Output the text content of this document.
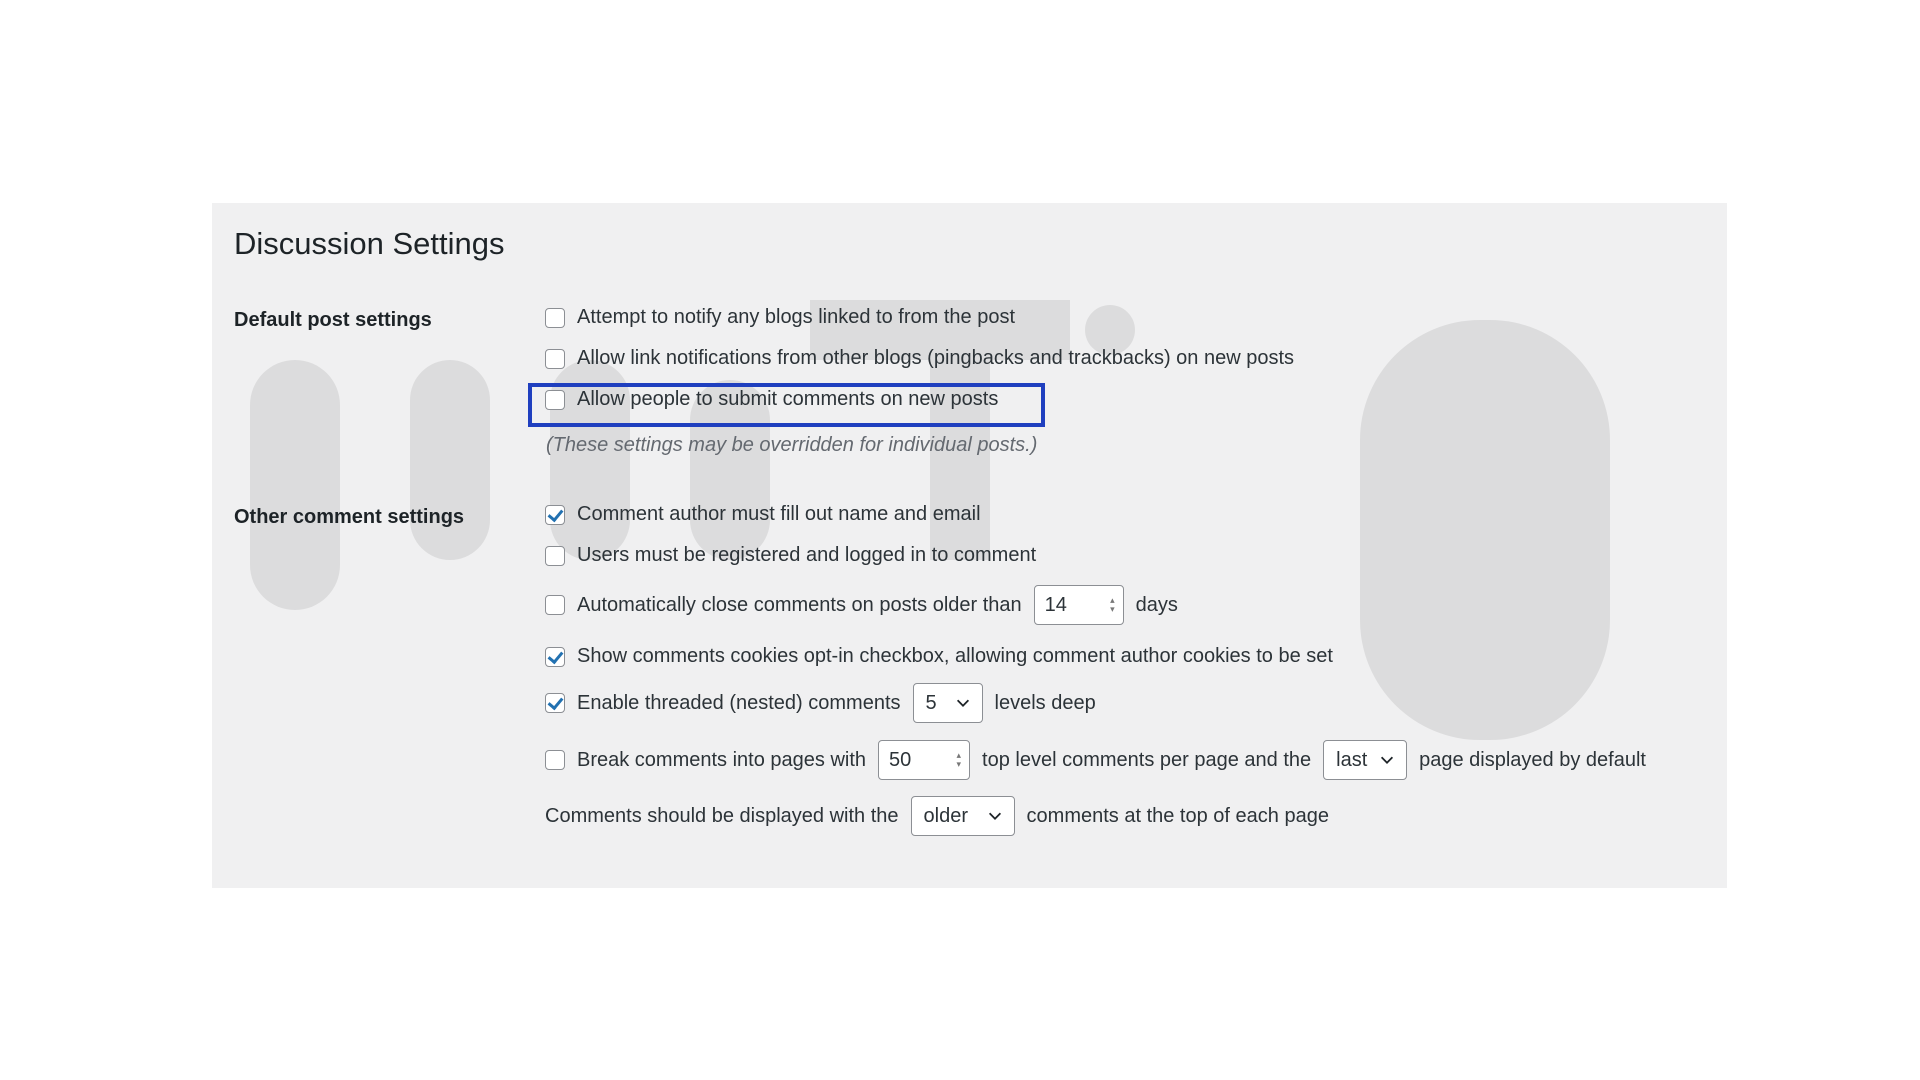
Discussion Settings
Default post settings	Attempt to notify any blogs linked to from the post
Allow link notifications from other blogs (pingbacks and trackbacks) on new posts
Allow people to submit comments on new posts
(These settings may be overridden for individual posts.)
Other comment settings	Comment author must fill out name and email
Users must be registered and logged in to comment
Automatically close comments on posts older than 14	▴
▾ days
Show comments cookies opt-in checkbox, allowing comment author cookies to be set
Enable threaded (nested) comments 5	levels deep
Break comments into pages with 50	▴
▾ top level comments per page and the last	page displayed by default
Comments should be displayed with the older	comments at the top of each page
